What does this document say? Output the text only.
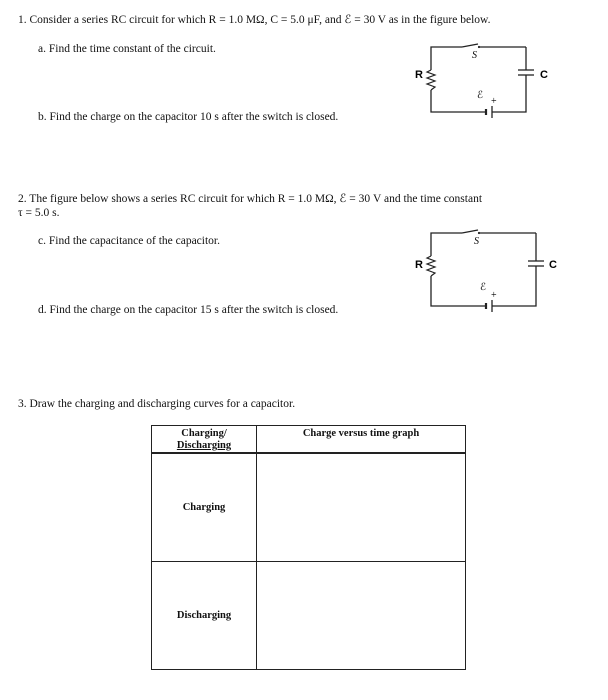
1. Consider a series RC circuit for which R = 1.0 MΩ, C = 5.0 μF, and ℰ = 30 V as in the figure below.
a. Find the time constant of the circuit.
b. Find the charge on the capacitor 10 s after the switch is closed.
R	C
S
ℰ
+
2. The figure below shows a series RC circuit for which R = 1.0 MΩ, ℰ = 30 V and the time constant
τ = 5.0 s.
c. Find the capacitance of the capacitor.
d. Find the charge on the capacitor 15 s after the switch is closed.
R	C
S
ℰ
+
3. Draw the charging and discharging curves for a capacitor.
Charging/
Discharging	Charge versus time graph
Charging	
Discharging	
